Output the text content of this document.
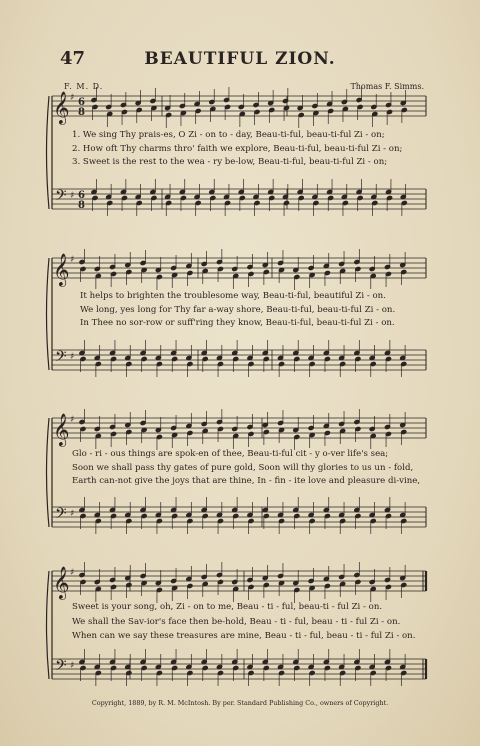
47	BEAUTIFUL ZION.
F. M. D.	Thomas F. Simms.
𝄞
𝄢
♯
♯
6
8
6
8
𝄞
𝄢
♯
♯
𝄞
𝄢
♯
♯
𝄞
𝄢
♯
♯
1. We sing Thy prais-es, O Zi - on to - day, Beau-ti-ful, beau-ti-ful Zi - on;
2. How oft Thy charms thro' faith we explore, Beau-ti-ful, beau-ti-ful Zi - on;
3. Sweet is the rest to the wea - ry be-low, Beau-ti-ful, beau-ti-ful Zi - on;
It helps to brighten the troublesome way, Beau-ti-ful, beautiful Zi - on.
We long, yes long for Thy far a-way shore, Beau-ti-ful, beau-ti-ful Zi - on.
In Thee no sor-row or suff'ring they know, Beau-ti-ful, beau-ti-ful Zi - on.
Glo - ri - ous things are spok-en of thee, Beau-ti-ful cit - y o-ver life's sea;
Soon we shall pass thy gates of pure gold, Soon will thy glories to us un - fold,
Earth can-not give the joys that are thine, In - fin - ite love and pleasure di-vine,
Sweet is your song, oh, Zi - on to me, Beau - ti - ful, beau-ti - ful Zi - on.
We shall the Sav-ior's face then be-hold, Beau - ti - ful, beau - ti - ful Zi - on.
When can we say these treasures are mine, Beau - ti - ful, beau - ti - ful Zi - on.
Copyright, 1889, by R. M. McIntosh. By per. Standard Publishing Co., owners of Copyright.
